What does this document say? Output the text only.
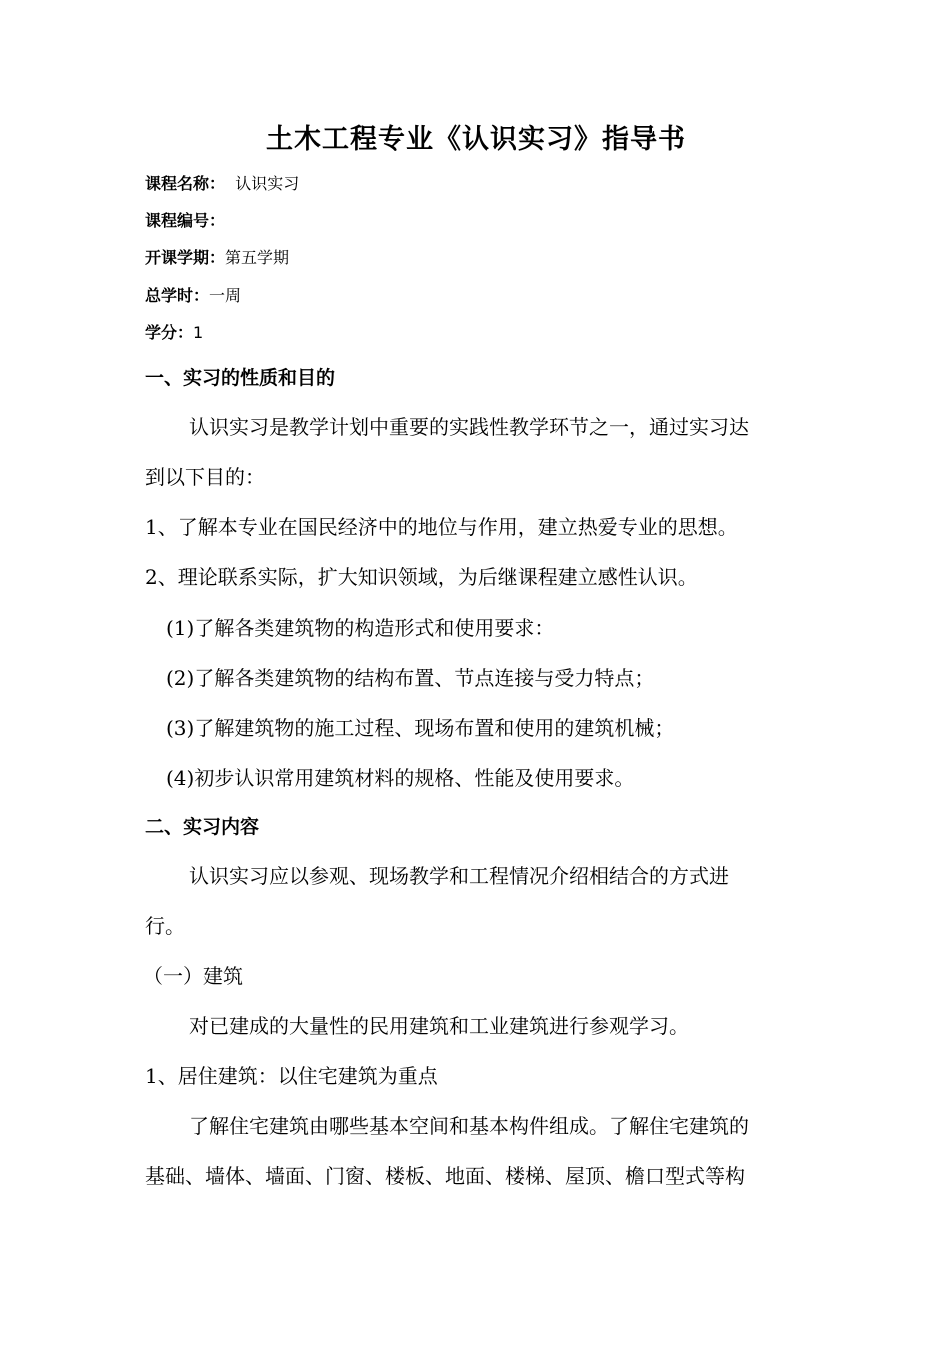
土木工程专业《认识实习》指导书
课程名称：  认识实习
课程编号：
开课学期：第五学期
总学时：一周
学分：1
一、实习的性质和目的
认识实习是教学计划中重要的实践性教学环节之一，通过实习达
到以下目的：
1、了解本专业在国民经济中的地位与作用，建立热爱专业的思想。
2、理论联系实际，扩大知识领域，为后继课程建立感性认识。
(1)了解各类建筑物的构造形式和使用要求：
(2)了解各类建筑物的结构布置、节点连接与受力特点；
(3)了解建筑物的施工过程、现场布置和使用的建筑机械；
(4)初步认识常用建筑材料的规格、性能及使用要求。
二、实习内容
认识实习应以参观、现场教学和工程情况介绍相结合的方式进
行。
（一）建筑
对已建成的大量性的民用建筑和工业建筑进行参观学习。
1、居住建筑：以住宅建筑为重点
了解住宅建筑由哪些基本空间和基本构件组成。了解住宅建筑的
基础、墙体、墙面、门窗、楼板、地面、楼梯、屋顶、檐口型式等构
